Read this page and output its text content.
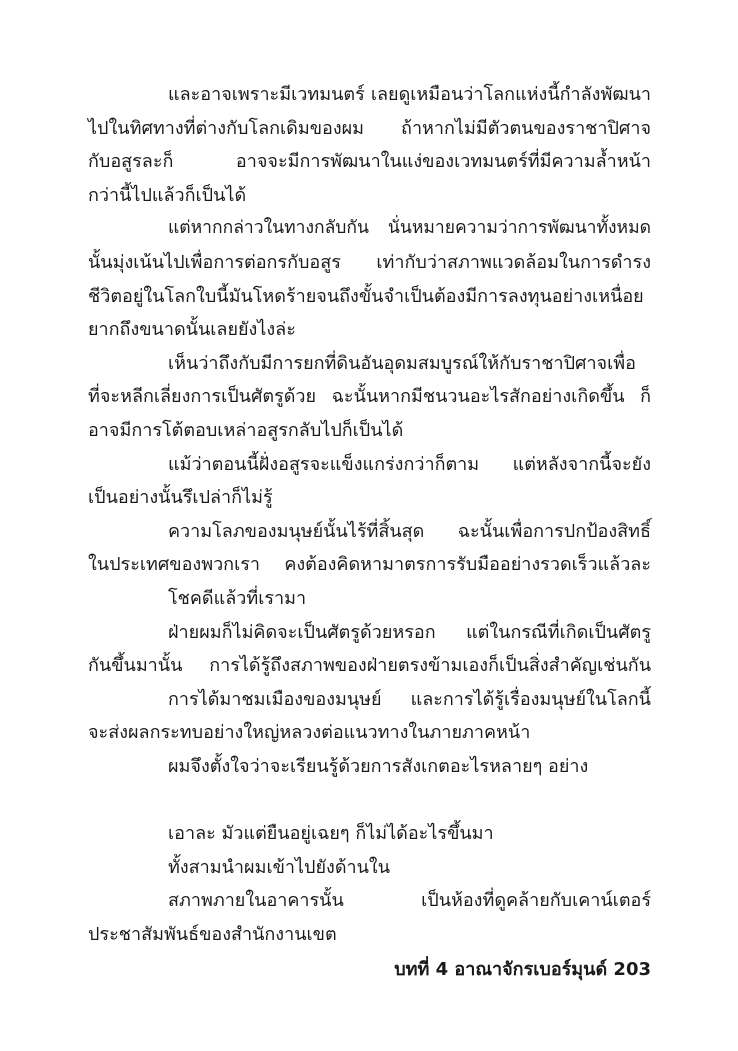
และอาจเพราะมีเวทมนตร์ เลยดูเหมือนว่าโลกแห่งนี้กำลังพัฒนา
ไปในทิศทางที่ต่างกับโลกเดิมของผม ถ้าหากไม่มีตัวตนของราชาปิศาจ
กับอสูรละก็ อาจจะมีการพัฒนาในแง่ของเวทมนตร์ที่มีความล้ำหน้า
กว่านี้ไปแล้วก็เป็นได้
แต่หากกล่าวในทางกลับกัน นั่นหมายความว่าการพัฒนาทั้งหมด
นั้นมุ่งเน้นไปเพื่อการต่อกรกับอสูร เท่ากับว่าสภาพแวดล้อมในการดำรง
ชีวิตอยู่ในโลกใบนี้มันโหดร้ายจนถึงขั้นจำเป็นต้องมีการลงทุนอย่างเหนื่อย
ยากถึงขนาดนั้นเลยยังไงล่ะ
เห็นว่าถึงกับมีการยกที่ดินอันอุดมสมบูรณ์ให้กับราชาปิศาจเพื่อ
ที่จะหลีกเลี่ยงการเป็นศัตรูด้วย ฉะนั้นหากมีชนวนอะไรสักอย่างเกิดขึ้น ก็
อาจมีการโต้ตอบเหล่าอสูรกลับไปก็เป็นได้
แม้ว่าตอนนี้ฝั่งอสูรจะแข็งแกร่งกว่าก็ตาม แต่หลังจากนี้จะยัง
เป็นอย่างนั้นรึเปล่าก็ไม่รู้
ความโลภของมนุษย์นั้นไร้ที่สิ้นสุด ฉะนั้นเพื่อการปกป้องสิทธิ์
ในประเทศของพวกเรา คงต้องคิดหามาตรการรับมืออย่างรวดเร็วแล้วละ
โชคดีแล้วที่เรามา
ฝ่ายผมก็ไม่คิดจะเป็นศัตรูด้วยหรอก แต่ในกรณีที่เกิดเป็นศัตรู
กันขึ้นมานั้น การได้รู้ถึงสภาพของฝ่ายตรงข้ามเองก็เป็นสิ่งสำคัญเช่นกัน
การได้มาชมเมืองของมนุษย์ และการได้รู้เรื่องมนุษย์ในโลกนี้
จะส่งผลกระทบอย่างใหญ่หลวงต่อแนวทางในภายภาคหน้า
ผมจึงตั้งใจว่าจะเรียนรู้ด้วยการสังเกตอะไรหลายๆ อย่าง
เอาละ มัวแต่ยืนอยู่เฉยๆ ก็ไม่ได้อะไรขึ้นมา
ทั้งสามนำผมเข้าไปยังด้านใน
สภาพภายในอาคารนั้น เป็นห้องที่ดูคล้ายกับเคาน์เตอร์
ประชาสัมพันธ์ของสำนักงานเขต
บทที่ 4 อาณาจักรเบอร์มุนด์ 203
